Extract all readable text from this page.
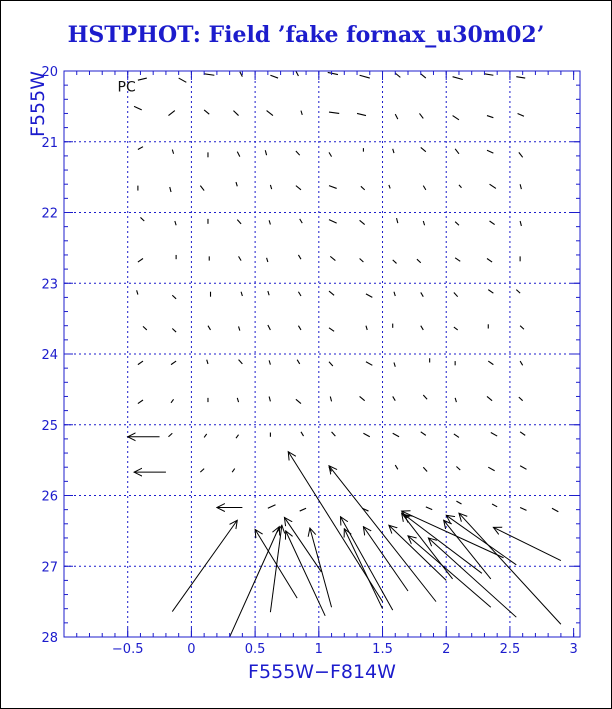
HSTPHOT: Field ’fake fornax_u30m02’
−0.5	0	0.5	1	1.5	2	2.5	3
20
21
22
23
24
25
26
27
28
PC
F555W−F814W
F555W
